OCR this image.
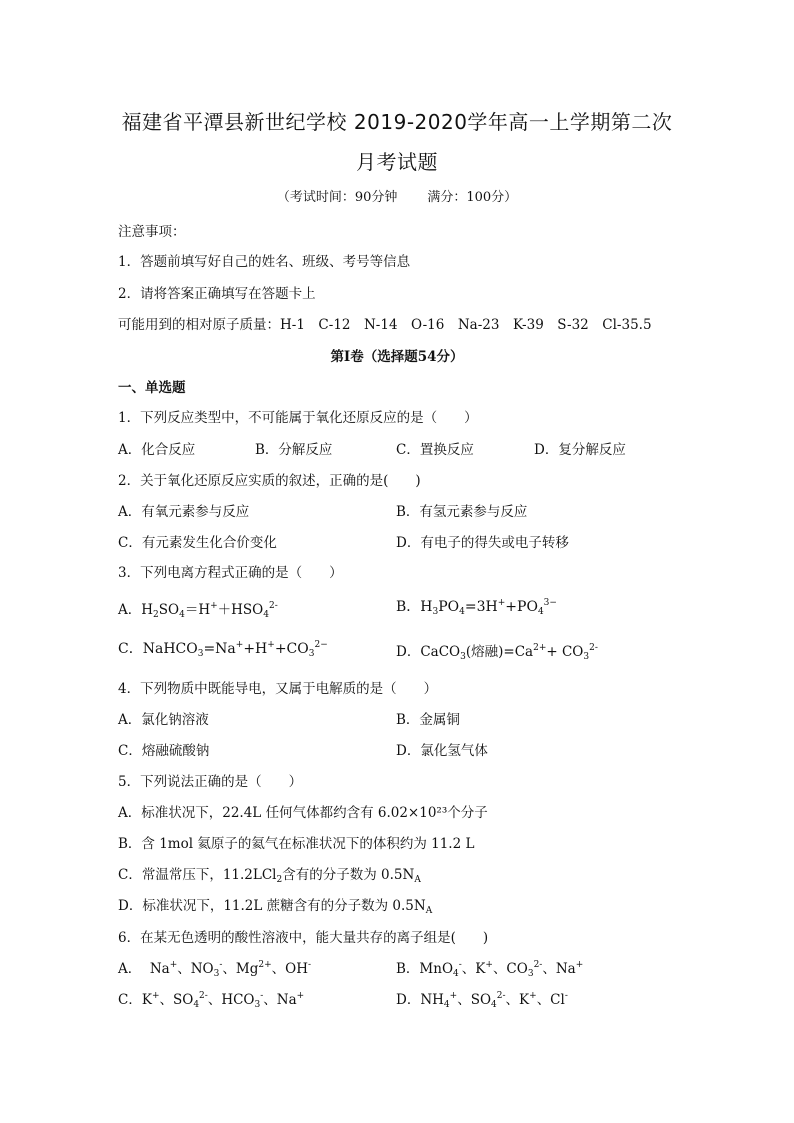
福建省平潭县新世纪学校 2019-2020学年高一上学期第二次
月考试题
（考试时间：90分钟 满分：100分）
注意事项：
1．答题前填写好自己的姓名、班级、考号等信息
2．请将答案正确填写在答题卡上
可能用到的相对原子质量：H-1　C-12　N-14　O-16　Na-23　K-39　S-32　Cl-35.5
第Ⅰ卷（选择题54分）
一、单选题
1．下列反应类型中，不可能属于氧化还原反应的是（　　）
A．化合反应	B．分解反应	C．置换反应	D．复分解反应
2．关于氧化还原反应实质的叙述，正确的是(　　)
A．有氧元素参与反应	B．有氢元素参与反应
C．有元素发生化合价变化	D．有电子的得失或电子转移
3．下列电离方程式正确的是（　　）
A．$H_2SO_4=H^++HSO_4^{2-}$	B．$H_3PO_4=3H^++PO_4^{3-}$
C．$NaHCO_3=Na^++H^++CO_3^{2-}$	D．CaCO$_3$(熔融)$=Ca^{2+}+ CO_3^{2-}$
4．下列物质中既能导电，又属于电解质的是（　　）
A．氯化钠溶液	B．金属铜
C．熔融硫酸钠	D．氯化氢气体
5．下列说法正确的是（　　）
A．标准状况下，22.4L 任何气体都约含有 6.02×10²³个分子
B．含 1mol 氦原子的氦气在标准状况下的体积约为 11.2 L
C．常温常压下，11.2LCl$_2$含有的分子数为 $0.5N_A$
D．标准状况下，11.2L 蔗糖含有的分子数为 $0.5N_A$
6．在某无色透明的酸性溶液中，能大量共存的离子组是(　　)
A．  Na+、$NO_3^-$、$Mg^{2+}$、OH-	B．MnO$_4$-、K+、$CO_3^{2-}$、Na+
C．K+、$SO_4^{2-}$、$HCO_3^-$、Na+	D．$NH_4^+$、$SO_4^{2-}$、K+、Cl-
